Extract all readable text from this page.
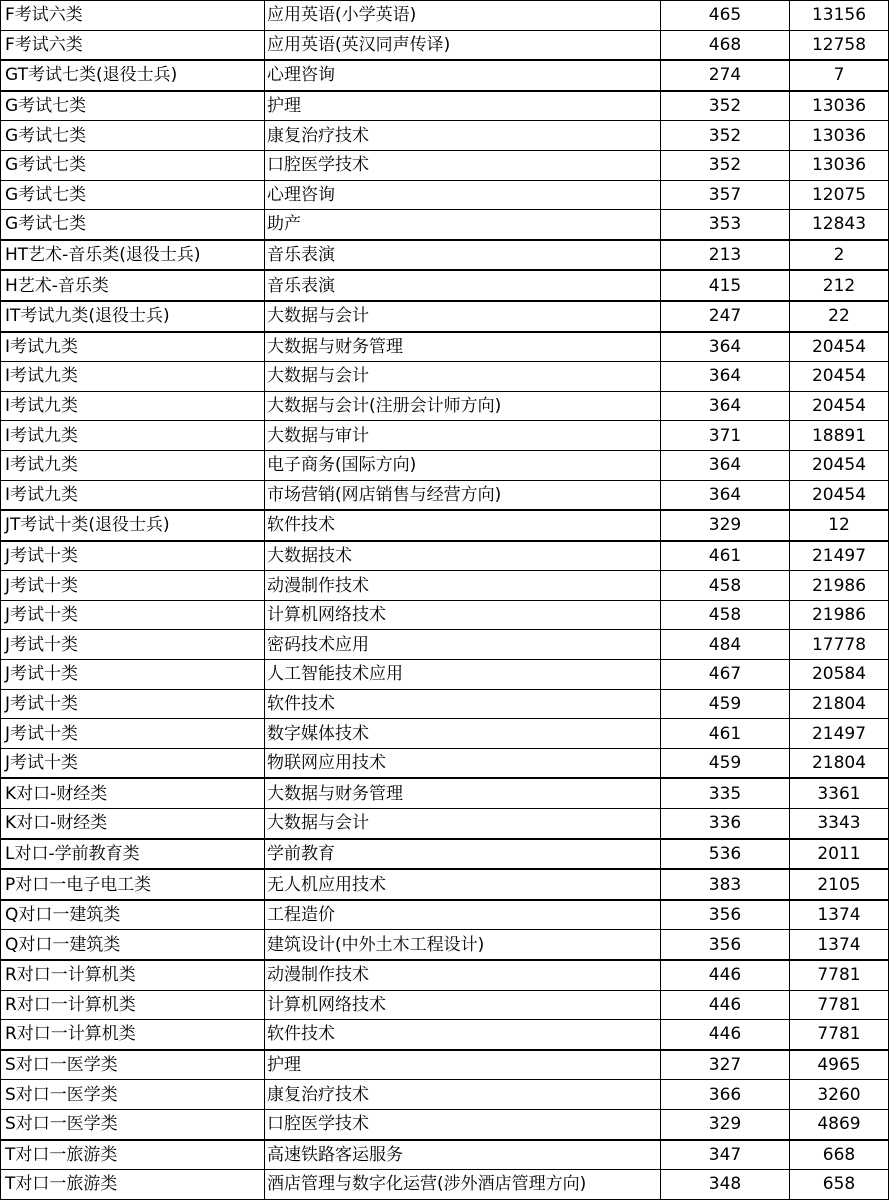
F考试六类	应用英语(小学英语)	465	13156
F考试六类	应用英语(英汉同声传译)	468	12758
GT考试七类(退役士兵)	心理咨询	274	7
G考试七类	护理	352	13036
G考试七类	康复治疗技术	352	13036
G考试七类	口腔医学技术	352	13036
G考试七类	心理咨询	357	12075
G考试七类	助产	353	12843
HT艺术-音乐类(退役士兵)	音乐表演	213	2
H艺术-音乐类	音乐表演	415	212
IT考试九类(退役士兵)	大数据与会计	247	22
I考试九类	大数据与财务管理	364	20454
I考试九类	大数据与会计	364	20454
I考试九类	大数据与会计(注册会计师方向)	364	20454
I考试九类	大数据与审计	371	18891
I考试九类	电子商务(国际方向)	364	20454
I考试九类	市场营销(网店销售与经营方向)	364	20454
JT考试十类(退役士兵)	软件技术	329	12
J考试十类	大数据技术	461	21497
J考试十类	动漫制作技术	458	21986
J考试十类	计算机网络技术	458	21986
J考试十类	密码技术应用	484	17778
J考试十类	人工智能技术应用	467	20584
J考试十类	软件技术	459	21804
J考试十类	数字媒体技术	461	21497
J考试十类	物联网应用技术	459	21804
K对口-财经类	大数据与财务管理	335	3361
K对口-财经类	大数据与会计	336	3343
L对口-学前教育类	学前教育	536	2011
P对口一电子电工类	无人机应用技术	383	2105
Q对口一建筑类	工程造价	356	1374
Q对口一建筑类	建筑设计(中外土木工程设计)	356	1374
R对口一计算机类	动漫制作技术	446	7781
R对口一计算机类	计算机网络技术	446	7781
R对口一计算机类	软件技术	446	7781
S对口一医学类	护理	327	4965
S对口一医学类	康复治疗技术	366	3260
S对口一医学类	口腔医学技术	329	4869
T对口一旅游类	高速铁路客运服务	347	668
T对口一旅游类	酒店管理与数字化运营(涉外酒店管理方向)	348	658
